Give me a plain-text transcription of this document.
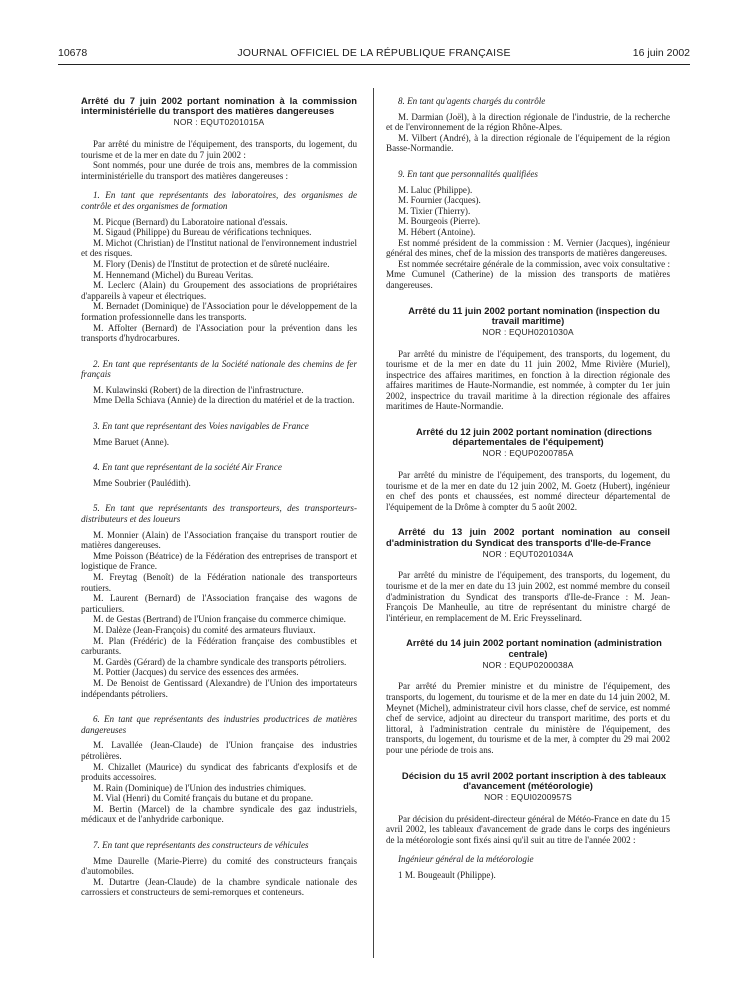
10678	JOURNAL OFFICIEL DE LA RÉPUBLIQUE FRANÇAISE	16 juin 2002

Arrêté du 7 juin 2002 portant nomination à la commission interministérielle du transport des matières dangereuses

NOR : EQUT0201015A

Par arrêté du ministre de l'équipement, des transports, du logement, du tourisme et de la mer en date du 7 juin 2002 :

Sont nommés, pour une durée de trois ans, membres de la commission interministérielle du transport des matières dangereuses :

1. En tant que représentants des laboratoires, des organismes de contrôle et des organismes de formation

M. Picque (Bernard) du Laboratoire national d'essais.

M. Sigaud (Philippe) du Bureau de vérifications techniques.

M. Michot (Christian) de l'Institut national de l'environnement industriel et des risques.

M. Flory (Denis) de l'Institut de protection et de sûreté nucléaire.

M. Hennemand (Michel) du Bureau Veritas.

M. Leclerc (Alain) du Groupement des associations de propriétaires d'appareils à vapeur et électriques.

M. Bernadet (Dominique) de l'Association pour le développement de la formation professionnelle dans les transports.

M. Affolter (Bernard) de l'Association pour la prévention dans les transports d'hydrocarbures.

2. En tant que représentants de la Société nationale des chemins de fer français

M. Kulawinski (Robert) de la direction de l'infrastructure.

Mme Della Schiava (Annie) de la direction du matériel et de la traction.

3. En tant que représentant des Voies navigables de France

Mme Baruet (Anne).

4. En tant que représentant de la société Air France

Mme Soubrier (Paulédith).

5. En tant que représentants des transporteurs, des transporteurs-distributeurs et des loueurs

M. Monnier (Alain) de l'Association française du transport routier de matières dangereuses.

Mme Poisson (Béatrice) de la Fédération des entreprises de transport et logistique de France.

M. Freytag (Benoît) de la Fédération nationale des transporteurs routiers.

M. Laurent (Bernard) de l'Association française des wagons de particuliers.

M. de Gestas (Bertrand) de l'Union française du commerce chimique.

M. Dalèze (Jean-François) du comité des armateurs fluviaux.

M. Plan (Frédéric) de la Fédération française des combustibles et carburants.

M. Gardès (Gérard) de la chambre syndicale des transports pétroliers.

M. Pottier (Jacques) du service des essences des armées.

M. De Benoist de Gentissard (Alexandre) de l'Union des importateurs indépendants pétroliers.

6. En tant que représentants des industries productrices de matières dangereuses

M. Lavallée (Jean-Claude) de l'Union française des industries pétrolières.

M. Chizallet (Maurice) du syndicat des fabricants d'explosifs et de produits accessoires.

M. Rain (Dominique) de l'Union des industries chimiques.

M. Vial (Henri) du Comité français du butane et du propane.

M. Bertin (Marcel) de la chambre syndicale des gaz industriels, médicaux et de l'anhydride carbonique.

7. En tant que représentants des constructeurs de véhicules

Mme Daurelle (Marie-Pierre) du comité des constructeurs français d'automobiles.

M. Dutartre (Jean-Claude) de la chambre syndicale nationale des carrossiers et constructeurs de semi-remorques et conteneurs.

8. En tant qu'agents chargés du contrôle

M. Darmian (Joël), à la direction régionale de l'industrie, de la recherche et de l'environnement de la région Rhône-Alpes.

M. Vilbert (André), à la direction régionale de l'équipement de la région Basse-Normandie.

9. En tant que personnalités qualifiées

M. Laluc (Philippe).

M. Fournier (Jacques).

M. Tixier (Thierry).

M. Bourgeois (Pierre).

M. Hébert (Antoine).

Est nommé président de la commission : M. Vernier (Jacques), ingénieur général des mines, chef de la mission des transports de matières dangereuses.

Est nommée secrétaire générale de la commission, avec voix consultative : Mme Cumunel (Catherine) de la mission des transports de matières dangereuses.

Arrêté du 11 juin 2002 portant nomination (inspection du travail maritime)

NOR : EQUH0201030A

Par arrêté du ministre de l'équipement, des transports, du logement, du tourisme et de la mer en date du 11 juin 2002, Mme Rivière (Muriel), inspectrice des affaires maritimes, en fonction à la direction régionale des affaires maritimes de Haute-Normandie, est nommée, à compter du 1er juin 2002, inspectrice du travail maritime à la direction régionale des affaires maritimes de Haute-Normandie.

Arrêté du 12 juin 2002 portant nomination (directions départementales de l'équipement)

NOR : EQUP0200785A

Par arrêté du ministre de l'équipement, des transports, du logement, du tourisme et de la mer en date du 12 juin 2002, M. Goetz (Hubert), ingénieur en chef des ponts et chaussées, est nommé directeur départemental de l'équipement de la Drôme à compter du 5 août 2002.

Arrêté du 13 juin 2002 portant nomination au conseil d'administration du Syndicat des transports d'Ile-de-France

NOR : EQUT0201034A

Par arrêté du ministre de l'équipement, des transports, du logement, du tourisme et de la mer en date du 13 juin 2002, est nommé membre du conseil d'administration du Syndicat des transports d'Ile-de-France : M. Jean-François De Manheulle, au titre de représentant du ministre chargé de l'intérieur, en remplacement de M. Eric Freysselinard.

Arrêté du 14 juin 2002 portant nomination (administration centrale)

NOR : EQUP0200038A

Par arrêté du Premier ministre et du ministre de l'équipement, des transports, du logement, du tourisme et de la mer en date du 14 juin 2002, M. Meynet (Michel), administrateur civil hors classe, chef de service, est nommé chef de service, adjoint au directeur du transport maritime, des ports et du littoral, à l'administration centrale du ministère de l'équipement, des transports, du logement, du tourisme et de la mer, à compter du 29 mai 2002 pour une période de trois ans.

Décision du 15 avril 2002 portant inscription à des tableaux d'avancement (météorologie)

NOR : EQUI0200957S

Par décision du président-directeur général de Météo-France en date du 15 avril 2002, les tableaux d'avancement de grade dans le corps des ingénieurs de la météorologie sont fixés ainsi qu'il suit au titre de l'année 2002 :

Ingénieur général de la météorologie

1 M. Bougeault (Philippe).
